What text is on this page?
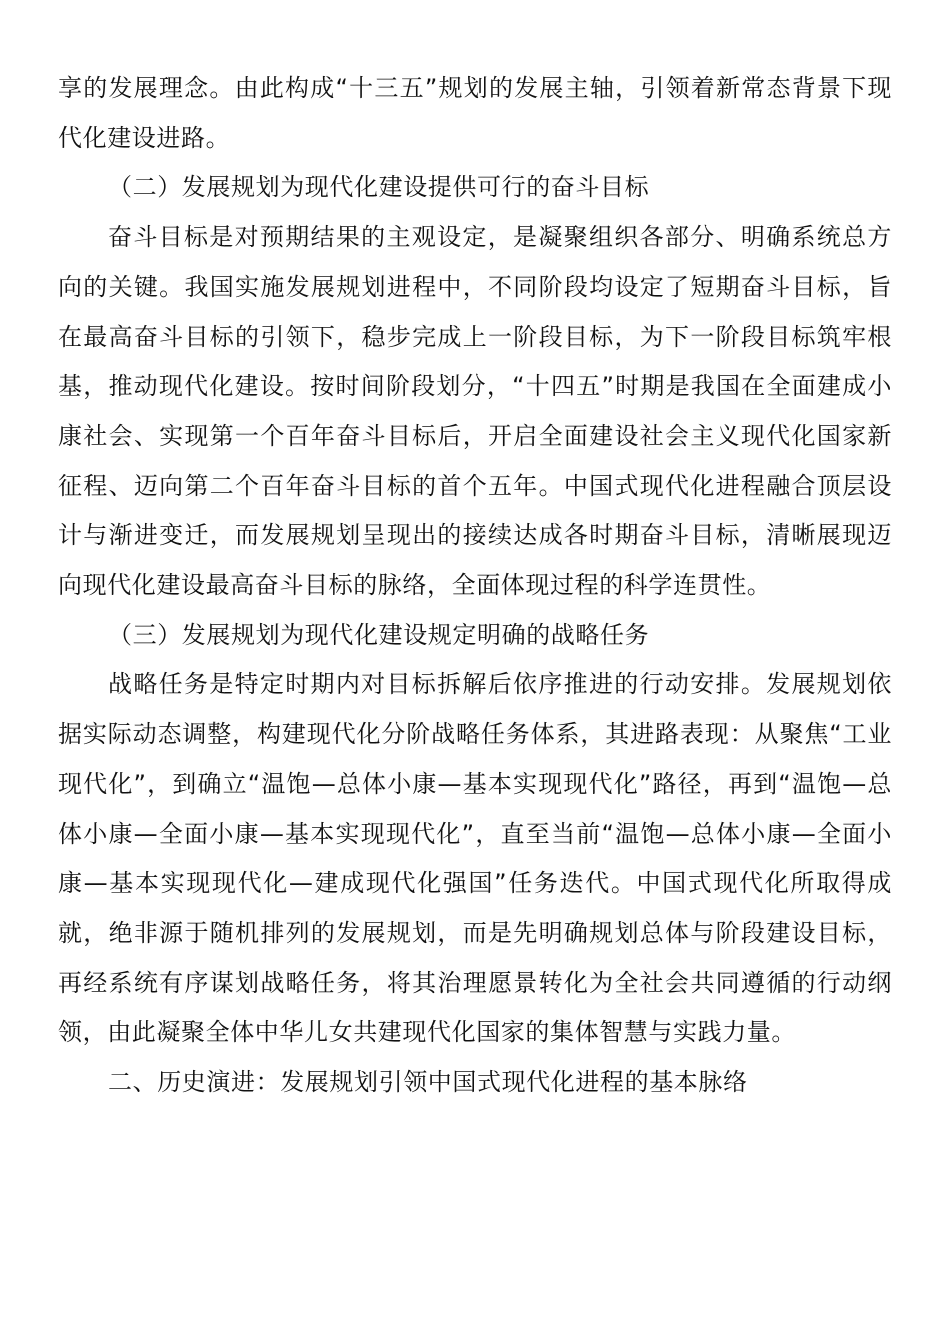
享的发展理念。由此构成“十三五”规划的发展主轴，引领着新常态背景下现代化建设进路。

（二）发展规划为现代化建设提供可行的奋斗目标

奋斗目标是对预期结果的主观设定，是凝聚组织各部分、明确系统总方向的关键。我国实施发展规划进程中，不同阶段均设定了短期奋斗目标，旨在最高奋斗目标的引领下，稳步完成上一阶段目标，为下一阶段目标筑牢根基，推动现代化建设。按时间阶段划分，“十四五”时期是我国在全面建成小康社会、实现第一个百年奋斗目标后，开启全面建设社会主义现代化国家新征程、迈向第二个百年奋斗目标的首个五年。中国式现代化进程融合顶层设计与渐进变迁，而发展规划呈现出的接续达成各时期奋斗目标，清晰展现迈向现代化建设最高奋斗目标的脉络，全面体现过程的科学连贯性。

（三）发展规划为现代化建设规定明确的战略任务

战略任务是特定时期内对目标拆解后依序推进的行动安排。发展规划依据实际动态调整，构建现代化分阶战略任务体系，其进路表现：从聚焦“工业现代化”，到确立“温饱—总体小康—基本实现现代化”路径，再到“温饱—总体小康—全面小康—基本实现现代化”，直至当前“温饱—总体小康—全面小康—基本实现现代化—建成现代化强国”任务迭代。中国式现代化所取得成就，绝非源于随机排列的发展规划，而是先明确规划总体与阶段建设目标，再经系统有序谋划战略任务，将其治理愿景转化为全社会共同遵循的行动纲领，由此凝聚全体中华儿女共建现代化国家的集体智慧与实践力量。

二、历史演进：发展规划引领中国式现代化进程的基本脉络
